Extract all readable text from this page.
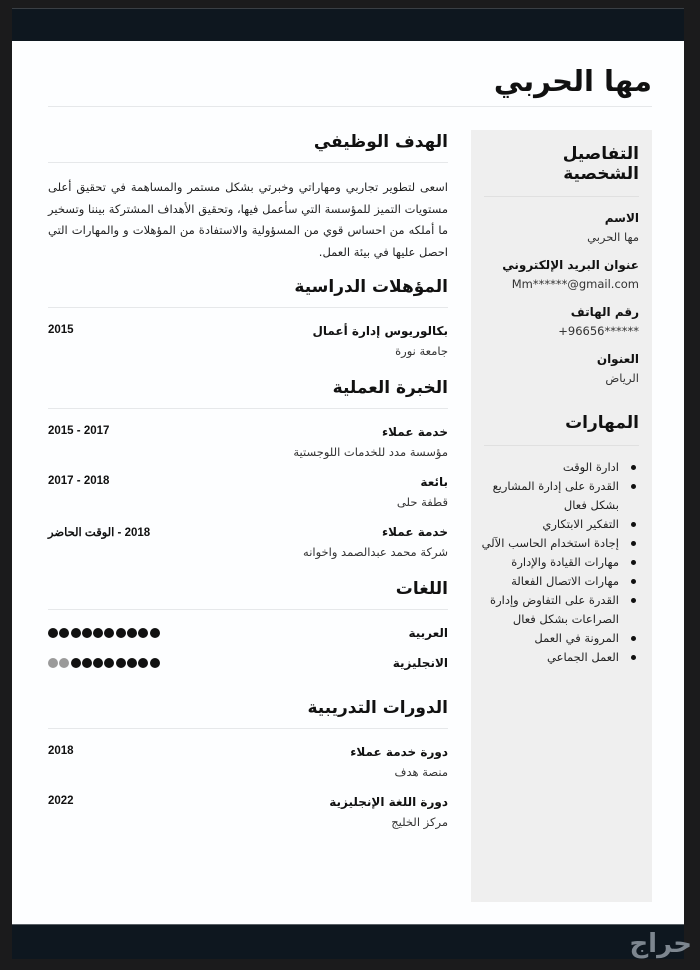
مها الحربي
التفاصيل الشخصية
الاسم
مها الحربي
عنوان البريد الإلكتروني
Mm******@gmail.com
رقم الهاتف
+96656******
العنوان
الرياض
المهارات
ادارة الوقت
القدرة على إدارة المشاريع بشكل فعال
التفكير الابتكاري
إجادة استخدام الحاسب الآلي
مهارات القيادة والإدارة
مهارات الاتصال الفعالة
القدرة على التفاوض وإدارة الصراعات بشكل فعال
المرونة في العمل
العمل الجماعي
الهدف الوظيفي

اسعى لتطوير تجاربي ومهاراتي وخبرتي بشكل مستمر والمساهمة في تحقيق أعلى مستويات التميز للمؤسسة التي سأعمل فيها، وتحقيق الأهداف المشتركة بيننا وتسخير ما أملكه من احساس قوي من المسؤولية والاستفادة من المؤهلات و والمهارات التي احصل عليها في بيئة العمل.

المؤهلات الدراسية
بكالوريوس إدارة أعمال
جامعة نورة
2015
الخبرة العملية
خدمة عملاء
مؤسسة مدد للخدمات اللوجستية
2017 - 2015
بائعة
قطفة حلى
2018 - 2017
خدمة عملاء
شركة محمد عبدالصمد واخوانه
2018 - الوقت الحاضر
اللغات
العربية
الانجليزية
الدورات التدريبية
دورة خدمة عملاء
منصة هدف
2018
دورة اللغة الإنجليزية
مركز الخليج
2022
حراج
